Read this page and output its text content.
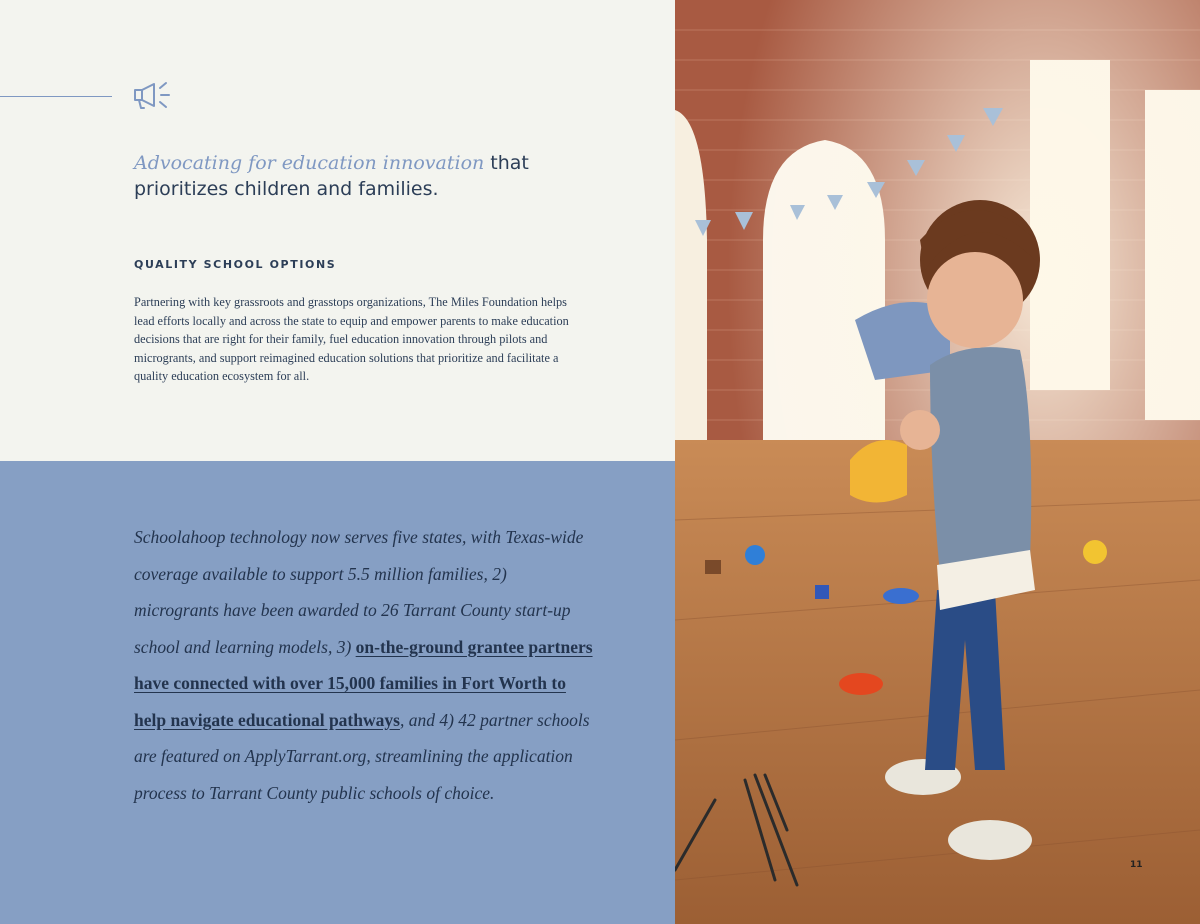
Advocating for education innovation that
prioritizes children and families.
QUALITY SCHOOL OPTIONS
Partnering with key grassroots and grasstops organizations, The Miles Foundation helps lead efforts locally and across the state to equip and empower parents to make education decisions that are right for their family, fuel education innovation through pilots and microgrants, and support reimagined education solutions that prioritize and facilitate a quality education ecosystem for all.
Schoolahoop technology now serves five states, with Texas-wide coverage available to support 5.5 million families, 2) microgrants have been awarded to 26 Tarrant County start-up school and learning models, 3) on-the-ground grantee partners have connected with over 15,000 families in Fort Worth to help navigate educational pathways, and 4) 42 partner schools are featured on ApplyTarrant.org, streamlining the application process to Tarrant County public schools of choice.
11
